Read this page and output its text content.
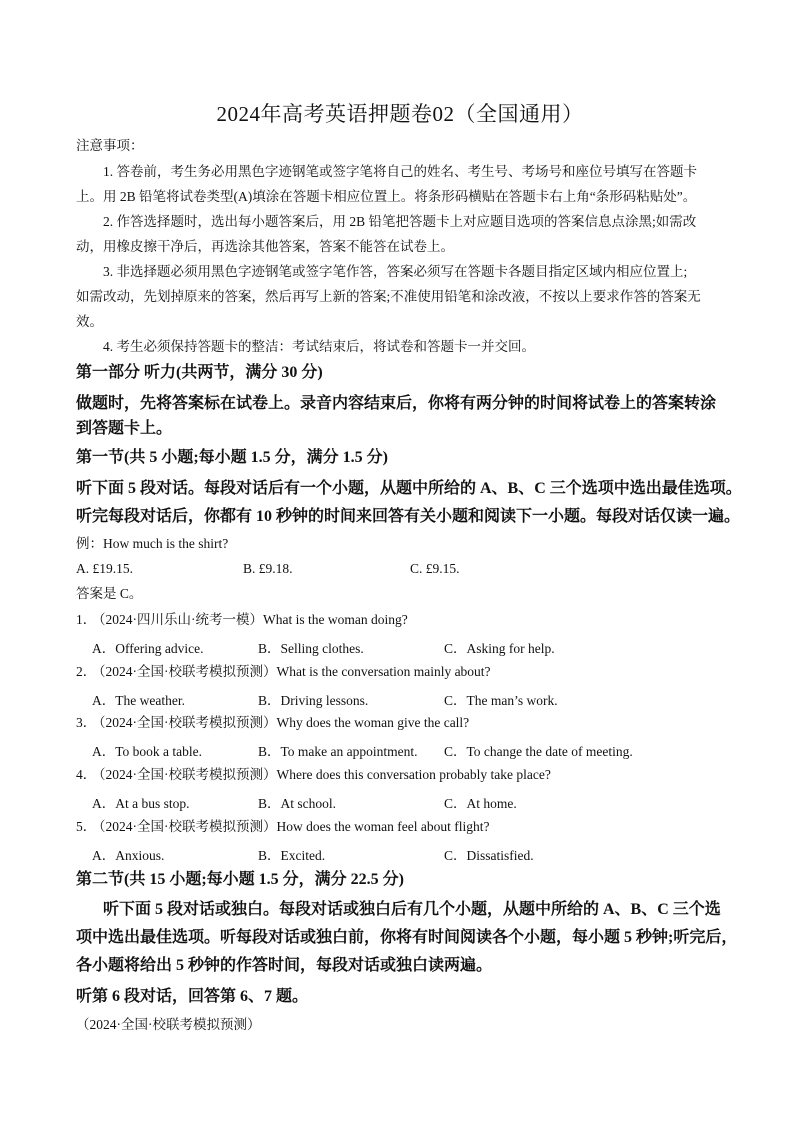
2024年高考英语押题卷02（全国通用）
注意事项：
1. 答卷前，考生务必用黑色字迹钢笔或签字笔将自己的姓名、考生号、考场号和座位号填写在答题卡
上。用 2B 铅笔将试卷类型(A)填涂在答题卡相应位置上。将条形码横贴在答题卡右上角“条形码粘贴处”。
2. 作答选择题时，选出每小题答案后，用 2B 铅笔把答题卡上对应题目选项的答案信息点涂黑;如需改
动，用橡皮擦干净后，再选涂其他答案，答案不能答在试卷上。
3. 非选择题必须用黑色字迹钢笔或签字笔作答，答案必须写在答题卡各题目指定区域内相应位置上;
如需改动，先划掉原来的答案，然后再写上新的答案;不准使用铅笔和涂改液，不按以上要求作答的答案无
效。
4. 考生必须保持答题卡的整洁：考试结束后，将试卷和答题卡一并交回。
第一部分 听力(共两节，满分 30 分)
做题时，先将答案标在试卷上。录音内容结束后，你将有两分钟的时间将试卷上的答案转涂
到答题卡上。
第一节(共 5 小题;每小题 1.5 分，满分 1.5 分)
听下面 5 段对话。每段对话后有一个小题，从题中所给的 A、B、C 三个选项中选出最佳选项。
听完每段对话后，你都有 10 秒钟的时间来回答有关小题和阅读下一小题。每段对话仅读一遍。
例：How much is the shirt?
A. £19.15.	B. £9.18.	C. £9.15.
答案是 C。
1．
（2024·四川乐山·统考一模）What is the woman doing?
A．Offering advice.	B．Selling clothes.	C．Asking for help.
2．
（2024·全国·校联考模拟预测）What is the conversation mainly about?
A．The weather.	B．Driving lessons.	C．The man’s work.
3．
（2024·全国·校联考模拟预测）Why does the woman give the call?
A．To book a table.	B．To make an appointment. C．To change the date of meeting.
4．
（2024·全国·校联考模拟预测）Where does this conversation probably take place?
A．At a bus stop.	B．At school.	C．At home.
5．
（2024·全国·校联考模拟预测）How does the woman feel about flight?
A．Anxious.	B．Excited.	C．Dissatisfied.
第二节(共 15 小题;每小题 1.5 分，满分 22.5 分)
听下面 5 段对话或独白。每段对话或独白后有几个小题，从题中所给的 A、B、C 三个选
项中选出最佳选项。听每段对话或独白前，你将有时间阅读各个小题，每小题 5 秒钟;听完后，
各小题将给出 5 秒钟的作答时间，每段对话或独白读两遍。
听第 6 段对话，回答第 6、7 题。
（2024·全国·校联考模拟预测）
